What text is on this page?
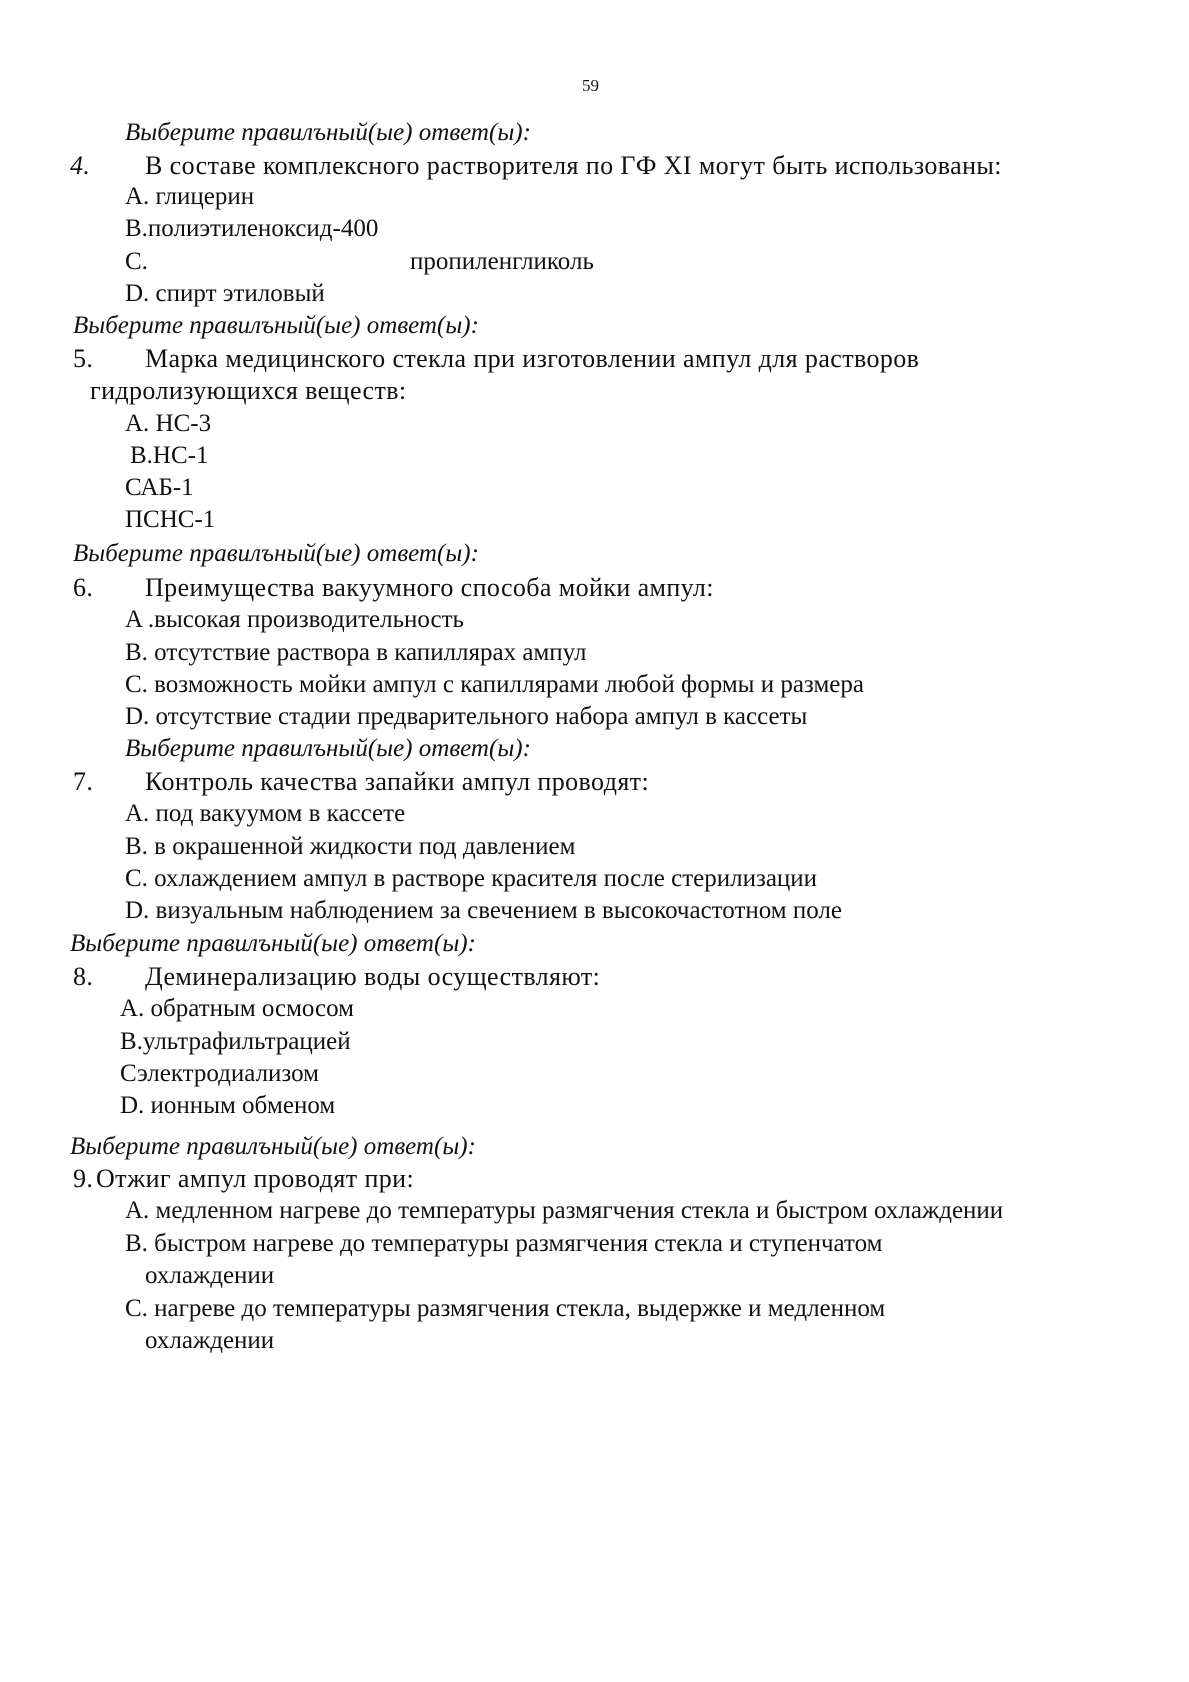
59
Выберите правилъный(ые) ответ(ы):
4. В составе комплексного растворителя по ГФ XI могут быть использованы:
A. глицерин
B.полиэтиленоксид-400
C.	пропиленгликоль
D. спирт этиловый
Выберите правилъный(ые) ответ(ы):
5. Марка медицинского стекла при изготовлении ампул для растворов
гидролизующихся веществ:
A. НС-3
B.НС-1
САБ-1
ПСНС-1
Выберите правилъный(ые) ответ(ы):
6. Преимущества вакуумного способа мойки ампул:
A .высокая производительность
B. отсутствие раствора в капиллярах ампул
C. возможность мойки ампул с капиллярами любой формы и размера
D. отсутствие стадии предварительного набора ампул в кассеты
Выберите правилъный(ые) ответ(ы):
7. Контроль качества запайки ампул проводят:
A. под вакуумом в кассете
B. в окрашенной жидкости под давлением
C. охлаждением ампул в растворе красителя после стерилизации
D. визуальным наблюдением за свечением в высокочастотном поле
Выберите правилъный(ые) ответ(ы):
8. Деминерализацию воды осуществляют:
A. обратным осмосом
B.ультрафильтрацией
Сэлектродиализом
D. ионным обменом
Выберите правилъный(ые) ответ(ы):
9. Отжиг ампул проводят при:
A. медленном нагреве до температуры размягчения стекла и быстром охлаждении
B. быстром нагреве до температуры размягчения стекла и ступенчатом
охлаждении
C. нагреве до температуры размягчения стекла, выдержке и медленном
охлаждении
